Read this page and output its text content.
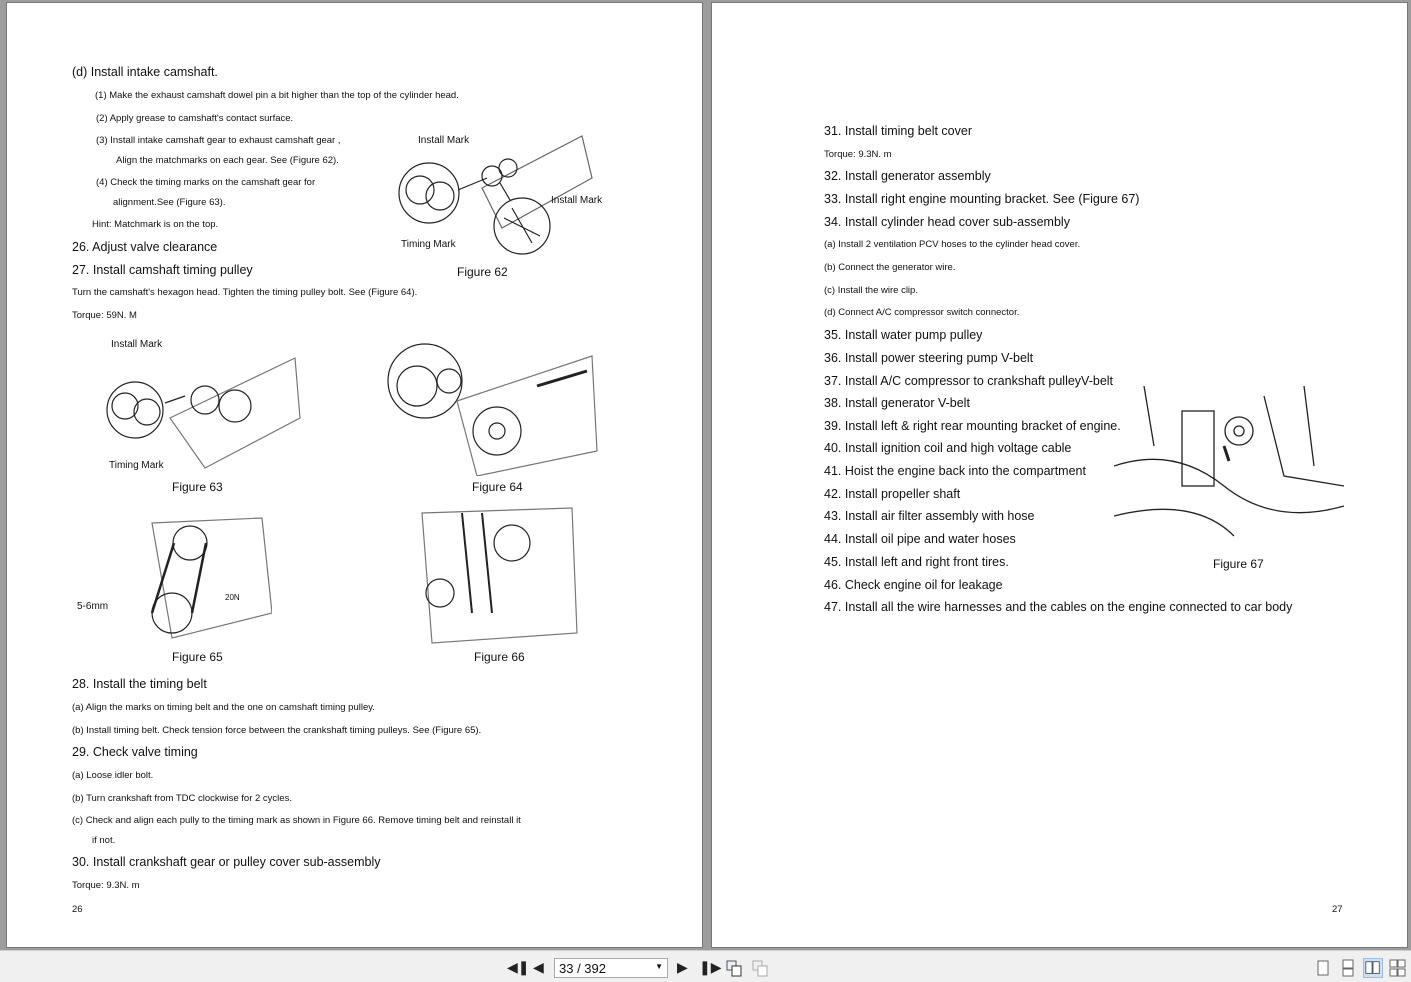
(d) Install intake camshaft.
(1) Make the exhaust camshaft dowel pin a bit higher than the top of the cylinder head.
(2) Apply grease to camshaft's contact surface.
(3) Install intake camshaft gear to exhaust camshaft gear ,
Align the matchmarks on each gear. See (Figure 62).
(4) Check the timing marks on the camshaft gear for
alignment.See (Figure 63).
Hint: Matchmark is on the top.
26. Adjust valve clearance
27. Install camshaft timing pulley
Turn the camshaft's hexagon head. Tighten the timing pulley bolt. See (Figure 64).
Torque: 59N. M
Install Mark
Install Mark
Timing Mark
Figure 62
Install Mark
Timing Mark
Figure 63	Figure 64
5-6mm
20N
Figure 65	Figure 66
28. Install the timing belt
(a) Align the marks on timing belt and the one on camshaft timing pulley.
(b) Install timing belt. Check tension force between the crankshaft timing pulleys. See (Figure 65).
29. Check valve timing
(a) Loose idler bolt.
(b) Turn crankshaft from TDC clockwise for 2 cycles.
(c) Check and align each pully to the timing mark as shown in Figure 66. Remove timing belt and reinstall it
if not.
30. Install crankshaft gear or pulley cover sub-assembly
Torque: 9.3N. m
26
31. Install timing belt cover
Torque: 9.3N. m
32. Install generator assembly
33. Install right engine mounting bracket. See (Figure 67)
34. Install cylinder head cover sub-assembly
(a) Install 2 ventilation PCV hoses to the cylinder head cover.
(b) Connect the generator wire.
(c) Install the wire clip.
(d) Connect A/C compressor switch connector.
35. Install water pump pulley
36. Install power steering pump V-belt
37. Install A/C compressor to crankshaft pulleyV-belt
38. Install generator V-belt
39. Install left & right rear mounting bracket of engine.
40. Install ignition coil and high voltage cable
41. Hoist the engine back into the compartment
42. Install propeller shaft
43. Install air filter assembly with hose
44. Install oil pipe and water hoses
45. Install left and right front tires.
46. Check engine oil for leakage
47. Install all the wire harnesses and the cables on the engine connected to car body
Figure 67
27
◀❚ ◀	33 / 392	▼ ▶ ❚▶
